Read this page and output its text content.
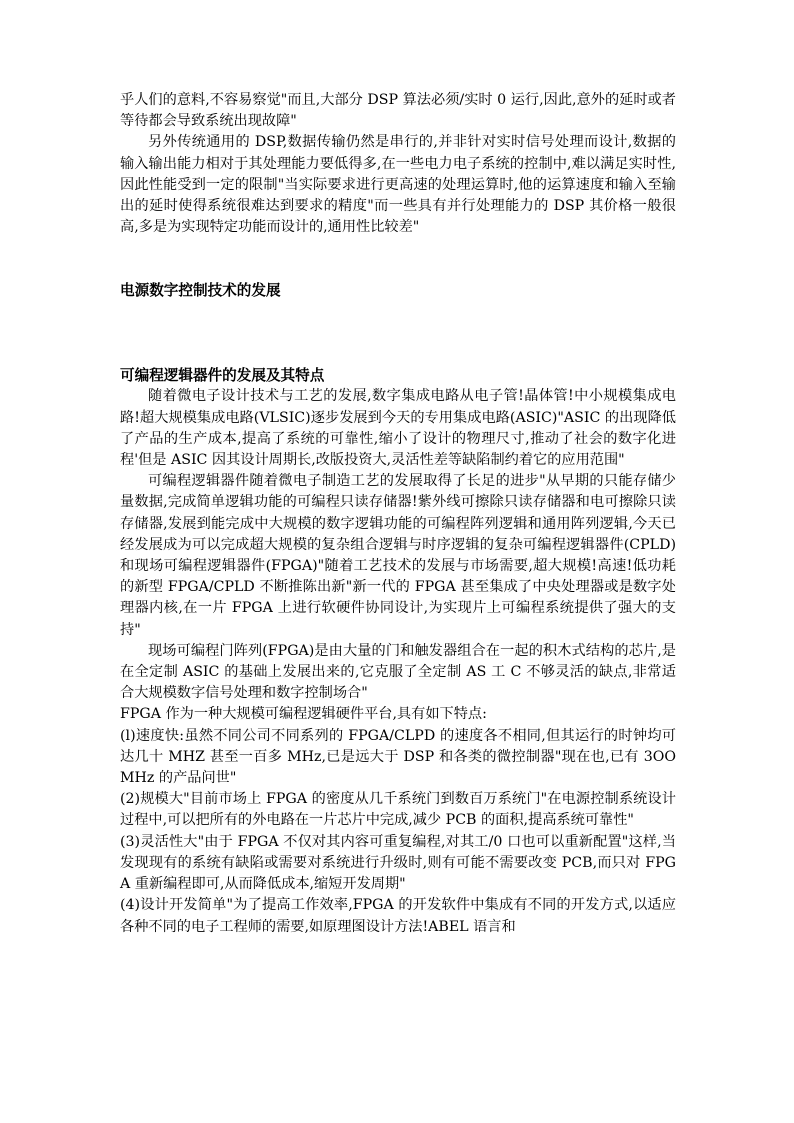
乎人们的意料,不容易察觉"而且,大部分 DSP 算法必须/实时 0 运行,因此,意外的延时或者等待都会导致系统出现故障"

另外传统通用的 DSP,数据传输仍然是串行的,并非针对实时信号处理而设计,数据的输入输出能力相对于其处理能力要低得多,在一些电力电子系统的控制中,难以满足实时性,因此性能受到一定的限制"当实际要求进行更高速的处理运算时,他的运算速度和输入至输出的延时使得系统很难达到要求的精度"而一些具有并行处理能力的 DSP 其价格一般很高,多是为实现特定功能而设计的,通用性比较差"

电源数字控制技术的发展
可编程逻辑器件的发展及其特点

随着微电子设计技术与工艺的发展,数字集成电路从电子管!晶体管!中小规模集成电路!超大规模集成电路(VLSIC)逐步发展到今天的专用集成电路(ASIC)"ASIC 的出现降低了产品的生产成本,提高了系统的可靠性,缩小了设计的物理尺寸,推动了社会的数字化进程'但是 ASIC 因其设计周期长,改版投资大,灵活性差等缺陷制约着它的应用范围"

可编程逻辑器件随着微电子制造工艺的发展取得了长足的进步"从早期的只能存储少量数据,完成简单逻辑功能的可编程只读存储器!紫外线可擦除只读存储器和电可擦除只读存储器,发展到能完成中大规模的数字逻辑功能的可编程阵列逻辑和通用阵列逻辑,今天已经发展成为可以完成超大规模的复杂组合逻辑与时序逻辑的复杂可编程逻辑器件(CPLD)和现场可编程逻辑器件(FPGA)"随着工艺技术的发展与市场需要,超大规模!高速!低功耗的新型 FPGA/CPLD 不断推陈出新"新一代的 FPGA 甚至集成了中央处理器或是数字处理器内核,在一片 FPGA 上进行软硬件协同设计,为实现片上可编程系统提供了强大的支持"

现场可编程门阵列(FPGA)是由大量的门和触发器组合在一起的积木式结构的芯片,是在全定制 ASIC 的基础上发展出来的,它克服了全定制 AS 工 C 不够灵活的缺点,非常适合大规模数字信号处理和数字控制场合"

FPGA 作为一种大规模可编程逻辑硬件平台,具有如下特点:

(l)速度快:虽然不同公司不同系列的 FPGA/CLPD 的速度各不相同,但其运行的时钟均可达几十 MHZ 甚至一百多 MHz,已是远大于 DSP 和各类的微控制器"现在也,已有 3OOMHz 的产品问世"

(2)规模大"目前市场上 FPGA 的密度从几千系统门到数百万系统门"在电源控制系统设计过程中,可以把所有的外电路在一片芯片中完成,减少 PCB 的面积,提高系统可靠性"

(3)灵活性大"由于 FPGA 不仅对其内容可重复编程,对其工/0 口也可以重新配置"这样,当发现现有的系统有缺陷或需要对系统进行升级时,则有可能不需要改变 PCB,而只对 FPGA 重新编程即可,从而降低成本,缩短开发周期"

(4)设计开发简单"为了提高工作效率,FPGA 的开发软件中集成有不同的开发方式,以适应各种不同的电子工程师的需要,如原理图设计方法!ABEL 语言和
